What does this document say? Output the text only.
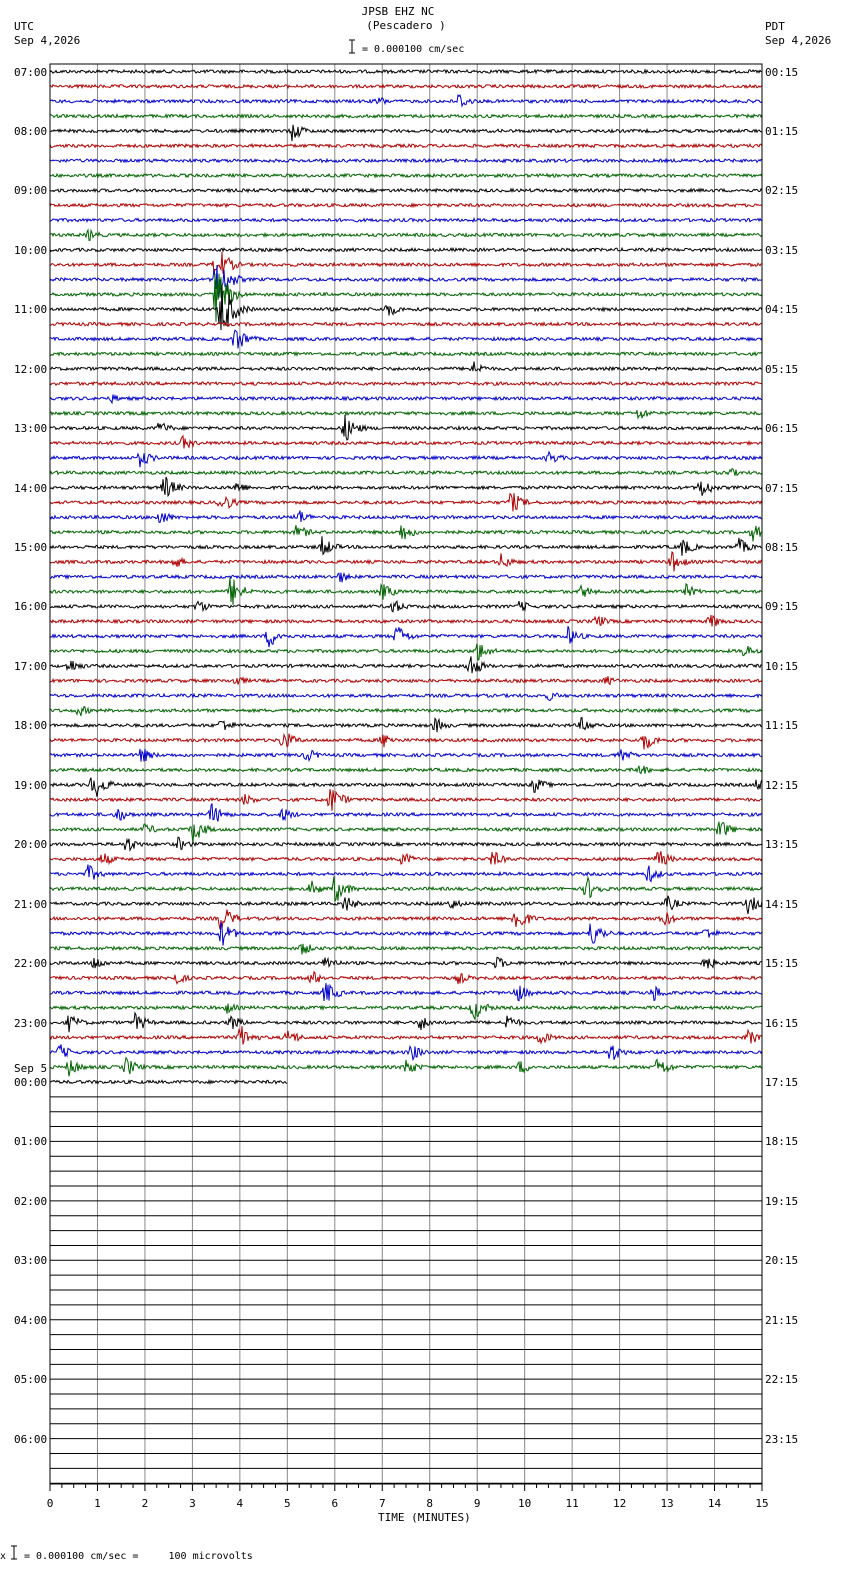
JPSB EHZ NC
(Pescadero )
UTC
Sep 4,2026
PDT
Sep 4,2026
= 0.000100 cm/sec
07:00
08:00
09:00
10:00
11:00
12:00
13:00
14:00
15:00
16:00
17:00
18:00
19:00
20:00
21:00
22:00
23:00
00:00
Sep 5
01:00
02:00
03:00
04:00
05:00
06:00
00:15
01:15
02:15
03:15
04:15
05:15
06:15
07:15
08:15
09:15
10:15
11:15
12:15
13:15
14:15
15:15
16:15
17:15
18:15
19:15
20:15
21:15
22:15
23:15
0	1	2	3	4	5	6	7	8	9	10	11	12	13	14	15
TIME (MINUTES)
x = 0.000100 cm/sec =     100 microvolts
